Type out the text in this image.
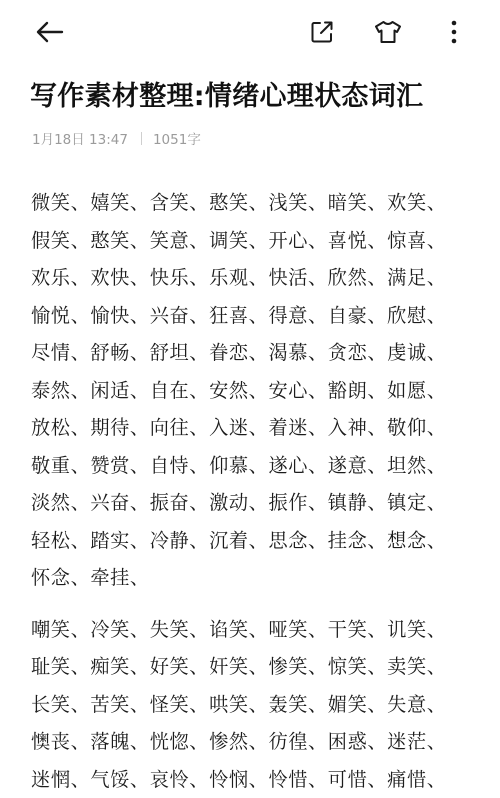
写作素材整理:情绪心理状态词汇
1月18日 13:47 1051字
微笑、嬉笑、含笑、憨笑、浅笑、暗笑、欢笑、
假笑、憨笑、笑意、调笑、开心、喜悦、惊喜、
欢乐、欢快、快乐、乐观、快活、欣然、满足、
愉悦、愉快、兴奋、狂喜、得意、自豪、欣慰、
尽情、舒畅、舒坦、眷恋、渴慕、贪恋、虔诚、
泰然、闲适、自在、安然、安心、豁朗、如愿、
放松、期待、向往、入迷、着迷、入神、敬仰、
敬重、赞赏、自恃、仰慕、遂心、遂意、坦然、
淡然、兴奋、振奋、激动、振作、镇静、镇定、
轻松、踏实、冷静、沉着、思念、挂念、想念、
怀念、牵挂、
嘲笑、冷笑、失笑、谄笑、哑笑、干笑、讥笑、
耻笑、痴笑、好笑、奸笑、惨笑、惊笑、卖笑、
长笑、苦笑、怪笑、哄笑、轰笑、媚笑、失意、
懊丧、落魄、恍惚、惨然、彷徨、困惑、迷茫、
迷惘、气馁、哀怜、怜悯、怜惜、可惜、痛惜、
